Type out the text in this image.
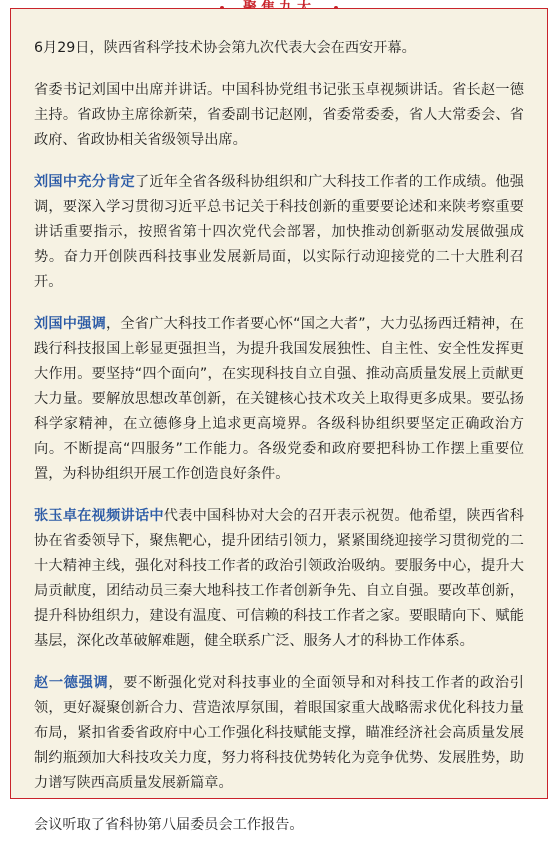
6月29日，陕西省科学技术协会第九次代表大会在西安开幕。

省委书记刘国中出席并讲话。中国科协党组书记张玉卓视频讲话。省长赵一德主持。省政协主席徐新荣，省委副书记赵刚，省委常委委，省人大常委会、省政府、省政协相关省级领导出席。

刘国中充分肯定了近年全省各级科协组织和广大科技工作者的工作成绩。他强调，要深入学习贯彻习近平总书记关于科技创新的重要要论述和来陕考察重要讲话重要指示，按照省第十四次党代会部署，加快推动创新驱动发展做强成势。奋力开创陕西科技事业发展新局面，以实际行动迎接党的二十大胜利召开。

刘国中强调，全省广大科技工作者要心怀“国之大者”，大力弘扬西迁精神，在践行科技报国上彰显更强担当，为提升我国发展独性、自主性、安全性发挥更大作用。要坚持“四个面向”，在实现科技自立自强、推动高质量发展上贡献更大力量。要解放思想改革创新，在关键核心技术攻关上取得更多成果。要弘扬科学家精神，在立德修身上追求更高境界。各级科协组织要坚定正确政治方向。不断提高“四服务”工作能力。各级党委和政府要把科协工作摆上重要位置，为科协组织开展工作创造良好条件。

张玉卓在视频讲话中代表中国科协对大会的召开表示祝贺。他希望，陕西省科协在省委领导下，聚焦靶心，提升团结引领力，紧紧围绕迎接学习贯彻党的二十大精神主线，强化对科技工作者的政治引领政治吸纳。要服务中心，提升大局贡献度，团结动员三秦大地科技工作者创新争先、自立自强。要改革创新，提升科协组织力，建设有温度、可信赖的科技工作者之家。要眼睛向下、赋能基层，深化改革破解难题，健全联系广泛、服务人才的科协工作体系。

赵一德强调，要不断强化党对科技事业的全面领导和对科技工作者的政治引领，更好凝聚创新合力、营造浓厚氛围，着眼国家重大战略需求优化科技力量布局，紧扣省委省政府中心工作强化科技赋能支撑，瞄准经济社会高质量发展制约瓶颈加大科技攻关力度，努力将科技优势转化为竞争优势、发展胜势，助力谱写陕西高质量发展新篇章。

会议听取了省科协第八届委员会工作报告。
